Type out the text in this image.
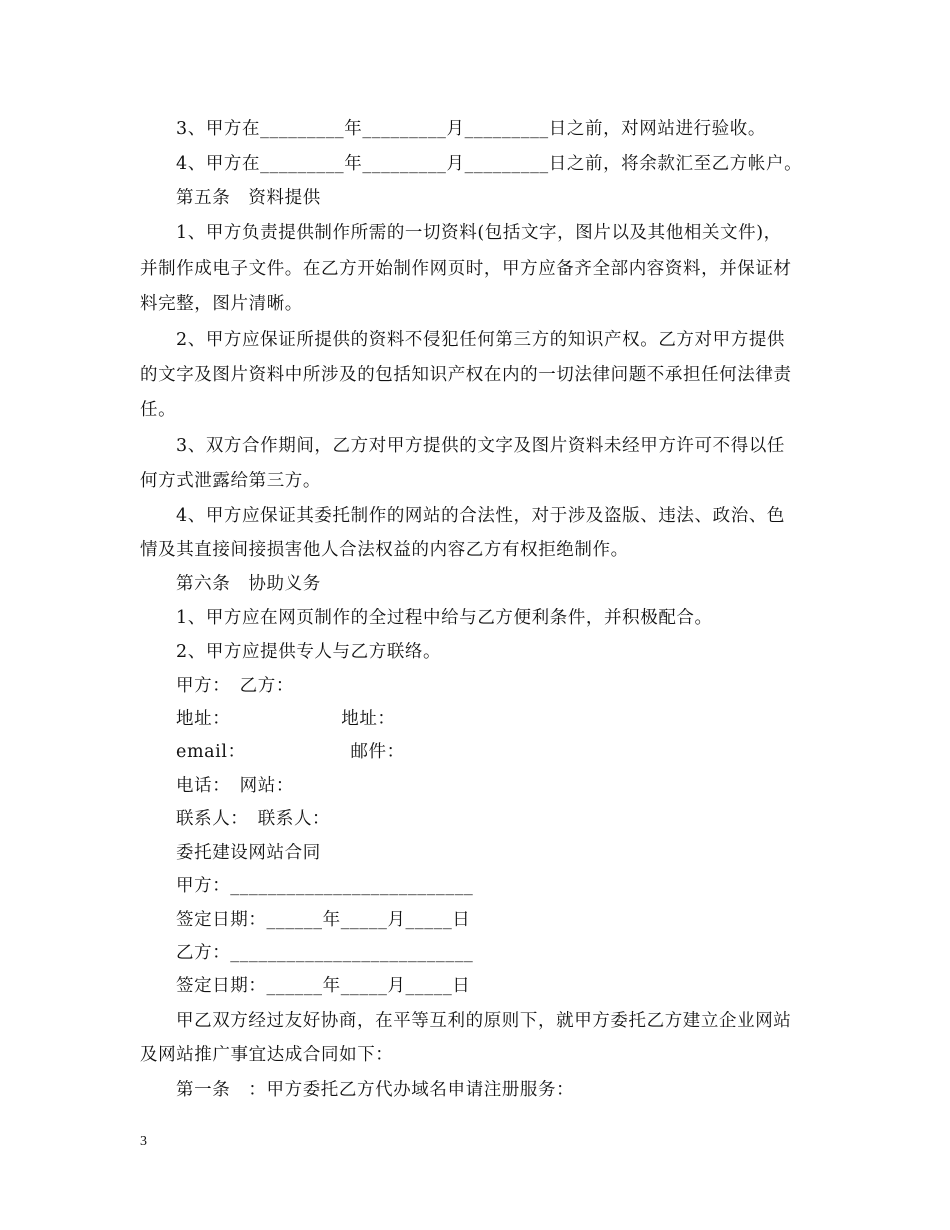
3、甲方在_________年_________月_________日之前，对网站进行验收。
4、甲方在_________年_________月_________日之前，将余款汇至乙方帐户。
第五条　资料提供
1、甲方负责提供制作所需的一切资料(包括文字，图片以及其他相关文件)，
并制作成电子文件。在乙方开始制作网页时，甲方应备齐全部内容资料，并保证材
料完整，图片清晰。
2、甲方应保证所提供的资料不侵犯任何第三方的知识产权。乙方对甲方提供
的文字及图片资料中所涉及的包括知识产权在内的一切法律问题不承担任何法律责
任。
3、双方合作期间，乙方对甲方提供的文字及图片资料未经甲方许可不得以任
何方式泄露给第三方。
4、甲方应保证其委托制作的网站的合法性，对于涉及盗版、违法、政治、色
情及其直接间接损害他人合法权益的内容乙方有权拒绝制作。
第六条　协助义务
1、甲方应在网页制作的全过程中给与乙方便利条件，并积极配合。
2、甲方应提供专人与乙方联络。
甲方：　乙方：
地址：                  地址：
email：                 邮件：
电话：　网站：
联系人：　联系人：
委托建设网站合同
甲方：__________________________
签定日期：______年_____月_____日
乙方：__________________________
签定日期：______年_____月_____日
甲乙双方经过友好协商，在平等互利的原则下，就甲方委托乙方建立企业网站
及网站推广事宜达成合同如下：
第一条　：甲方委托乙方代办域名申请注册服务：
3
